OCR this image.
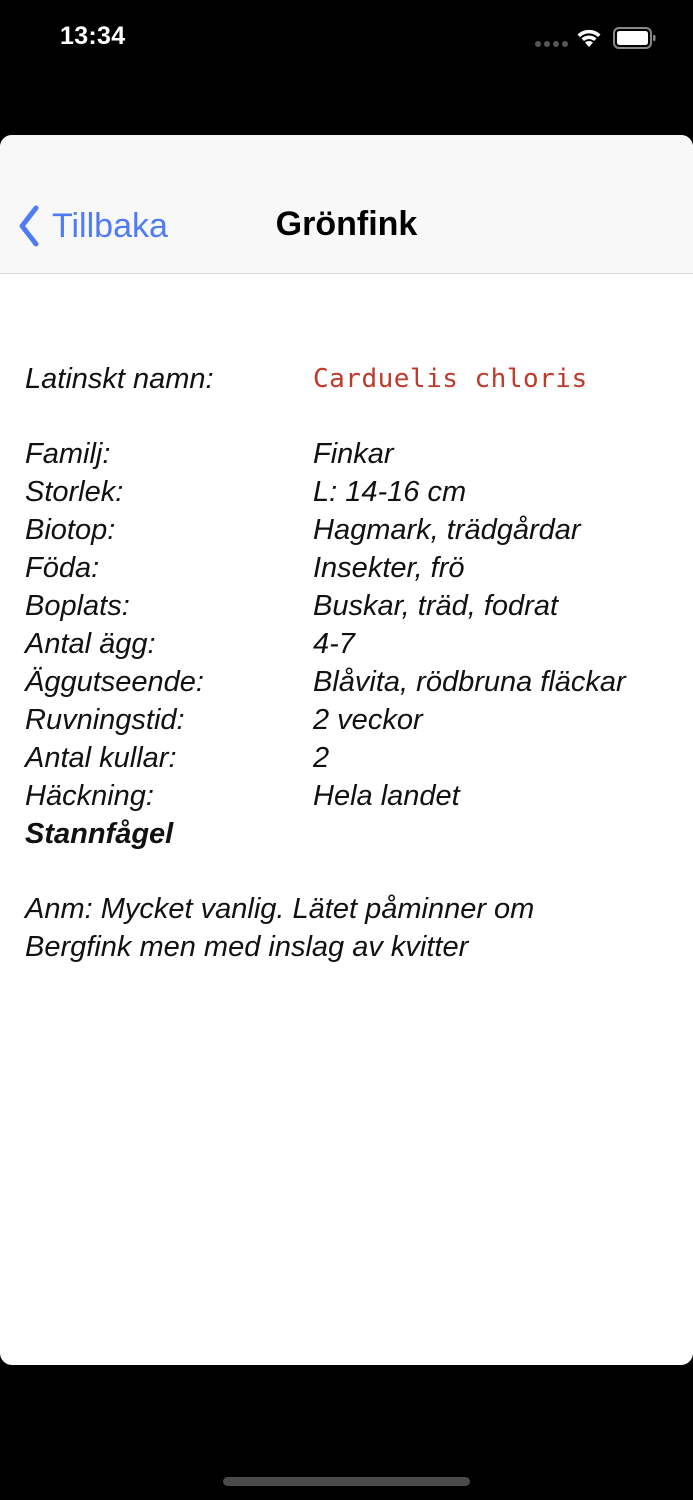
13:34
Tillbaka	Grönfink
Latinskt namn:	Carduelis chloris
Familj:	Finkar
Storlek:	L: 14-16 cm
Biotop:	Hagmark, trädgårdar
Föda:	Insekter, frö
Boplats:	Buskar, träd, fodrat
Antal ägg:	4-7
Äggutseende:	Blåvita, rödbruna fläckar
Ruvningstid:	2 veckor
Antal kullar:	2
Häckning:	Hela landet
Stannfågel
Anm: Mycket vanlig. Lätet påminner om Bergfink men med inslag av kvitter
